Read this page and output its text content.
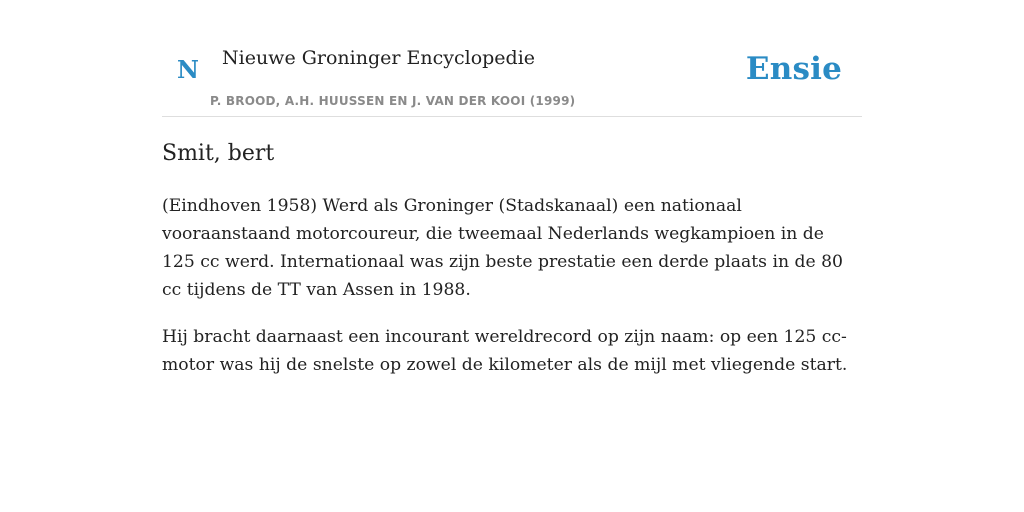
N Nieuwe Groninger Encyclopedie
P. BROOD, A.H. HUUSSEN EN J. VAN DER KOOI (1999)
Ensie
Smit, bert

(Eindhoven 1958) Werd als Groninger (Stadskanaal) een nationaal vooraanstaand motorcoureur, die tweemaal Nederlands wegkampioen in de 125 cc werd. Internationaal was zijn beste prestatie een derde plaats in de 80 cc tijdens de TT van Assen in 1988.

Hij bracht daarnaast een incourant wereldrecord op zijn naam: op een 125 cc-motor was hij de snelste op zowel de kilometer als de mijl met vliegende start.
